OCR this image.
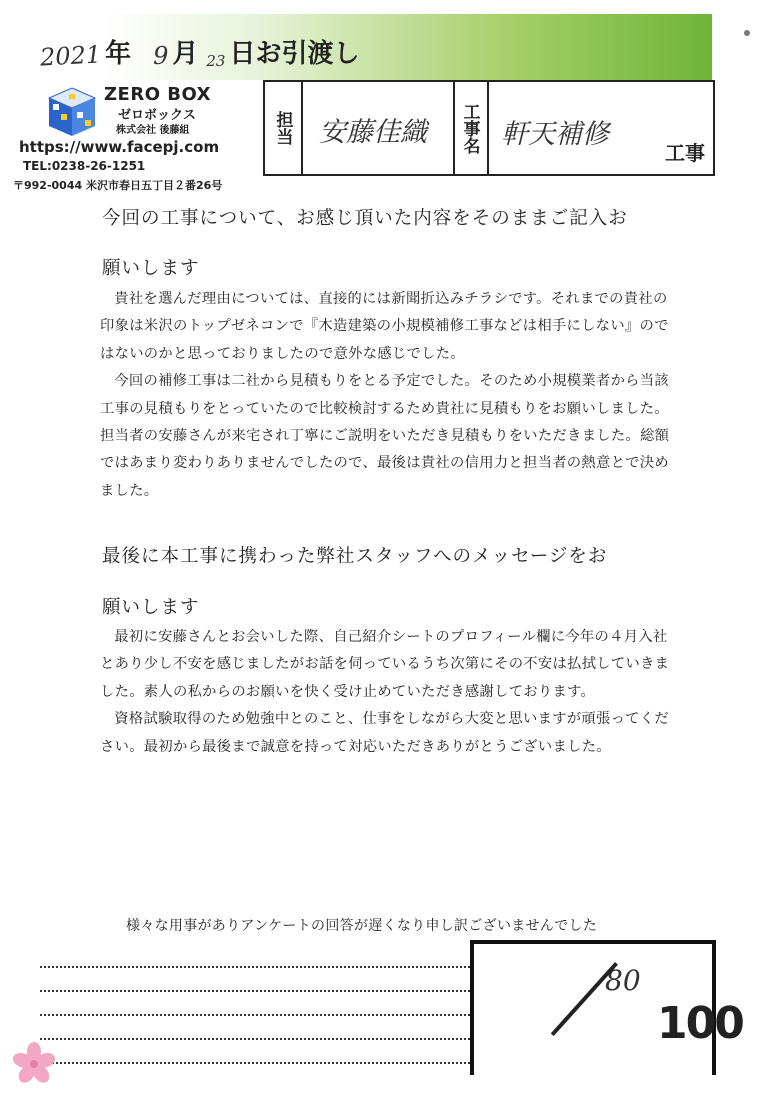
2021 年 9 月 23 日お引渡し
ZERO BOX
ゼロボックス
株式会社 後藤組
https://www.facepj.com
TEL:0238-26-1251
〒992-0044 米沢市春日五丁目２番26号
担当 安藤佳織	工事名 軒天補修
工事
今回の工事について、お感じ頂いた内容をそのままご記入お
願いします

貴社を選んだ理由については、直接的には新聞折込みチラシです。それまでの貴社の印象は米沢のトップゼネコンで『木造建築の小規模補修工事などは相手にしない』のではないのかと思っておりましたので意外な感じでした。

今回の補修工事は二社から見積もりをとる予定でした。そのため小規模業者から当該工事の見積もりをとっていたので比較検討するため貴社に見積もりをお願いしました。担当者の安藤さんが来宅され丁寧にご説明をいただき見積もりをいただきました。総額ではあまり変わりありませんでしたので、最後は貴社の信用力と担当者の熱意とで決めました。

最後に本工事に携わった弊社スタッフへのメッセージをお
願いします

最初に安藤さんとお会いした際、自己紹介シートのプロフィール欄に今年の４月入社とあり少し不安を感じましたがお話を伺っているうち次第にその不安は払拭していきました。素人の私からのお願いを快く受け止めていただき感謝しております。

資格試験取得のため勉強中とのこと、仕事をしながら大変と思いますが頑張ってください。最初から最後まで誠意を持って対応いただきありがとうございました。

様々な用事がありアンケートの回答が遅くなり申し訳ございませんでした
80
100
